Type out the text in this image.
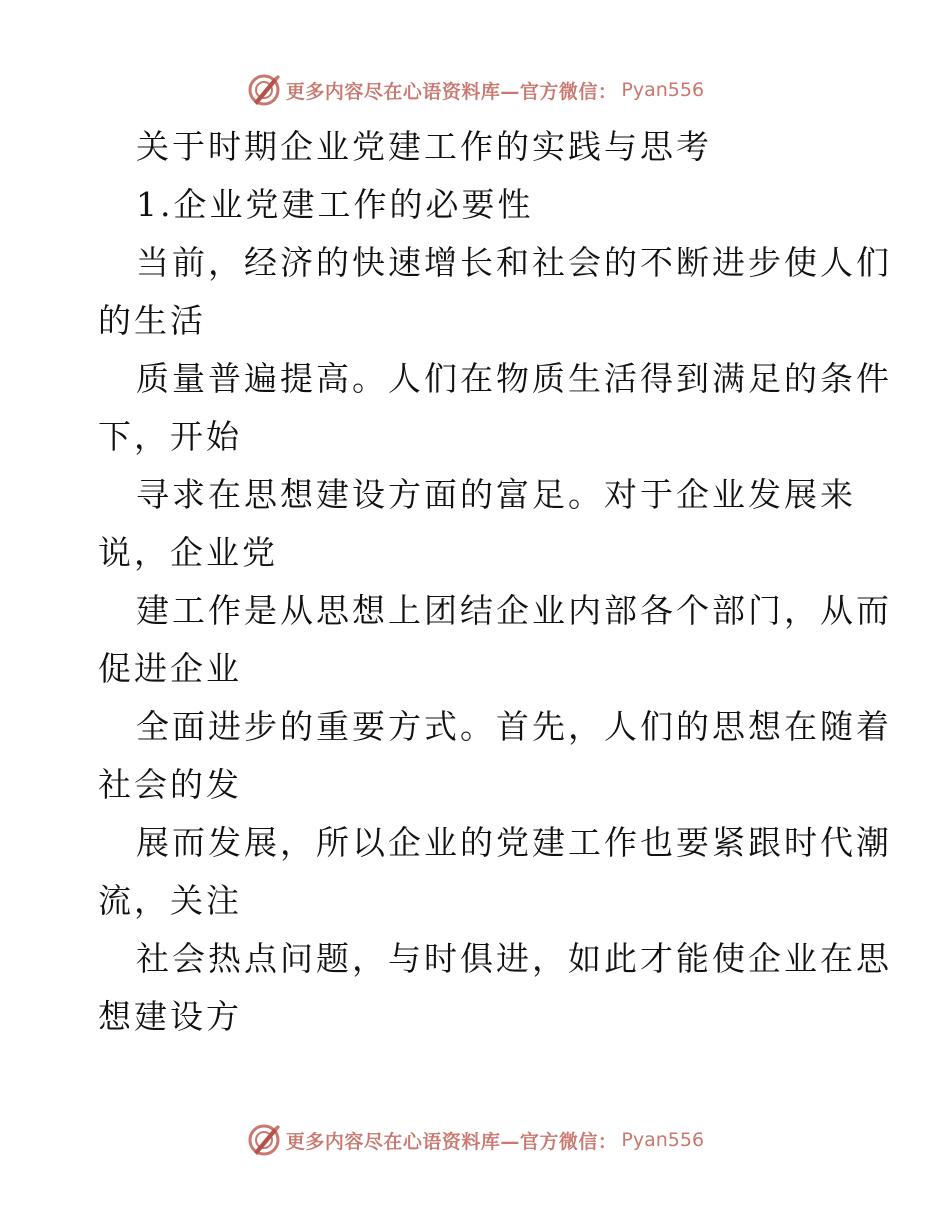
更多内容尽在心语资料库—官方微信： Pyan556
关于时期企业党建工作的实践与思考
1.企业党建工作的必要性
当前，经济的快速增长和社会的不断进步使人们
的生活
质量普遍提高。人们在物质生活得到满足的条件
下，开始
寻求在思想建设方面的富足。对于企业发展来
说，企业党
建工作是从思想上团结企业内部各个部门，从而
促进企业
全面进步的重要方式。首先，人们的思想在随着
社会的发
展而发展，所以企业的党建工作也要紧跟时代潮
流，关注
社会热点问题，与时俱进，如此才能使企业在思
想建设方
更多内容尽在心语资料库—官方微信： Pyan556
